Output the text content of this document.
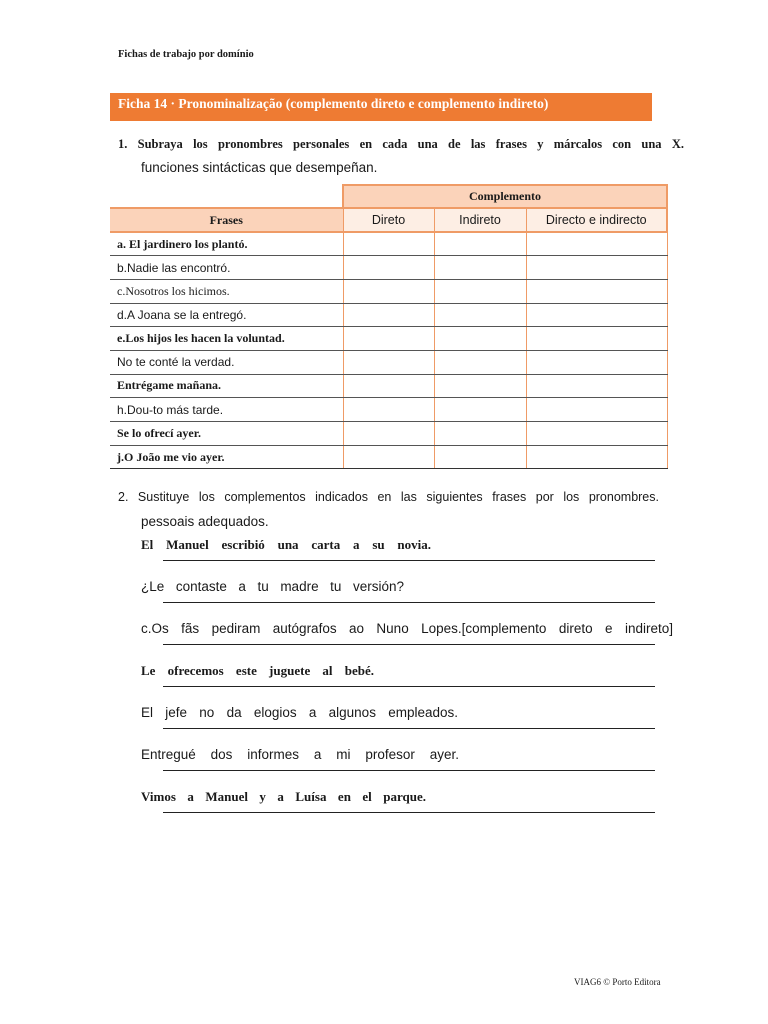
Fichas de trabajo por domínio
Ficha 14 · Pronominalização (complemento direto e complemento indireto)
1. Subraya los pronombres personales en cada una de las frases y márcalos con una X.
funciones sintácticas que desempeñan.
	Complemento		
Frases	Direto	Indireto	Directo e indirecto
a. El jardinero los plantó.			
b.Nadie las encontró.			
c.Nosotros los hicimos.			
d.A Joana se la entregó.			
e.Los hijos les hacen la voluntad.			
No te conté la verdad.			
Entrégame mañana.			
h.Dou-to más tarde.			
Se lo ofrecí ayer.			
j.O João me vio ayer.			
2. Sustituye los complementos indicados en las siguientes frases por los pronombres.
pessoais adequados.
El Manuel escribió una carta a su novia.
¿Le contaste a tu madre tu versión?
c.Os fãs pediram autógrafos ao Nuno Lopes.[complemento direto e indireto]
Le ofrecemos este juguete al bebé.
El jefe no da elogios a algunos empleados.
Entregué dos informes a mi profesor ayer.
Vimos a Manuel y a Luísa en el parque.
VIAG6 © Porto Editora
